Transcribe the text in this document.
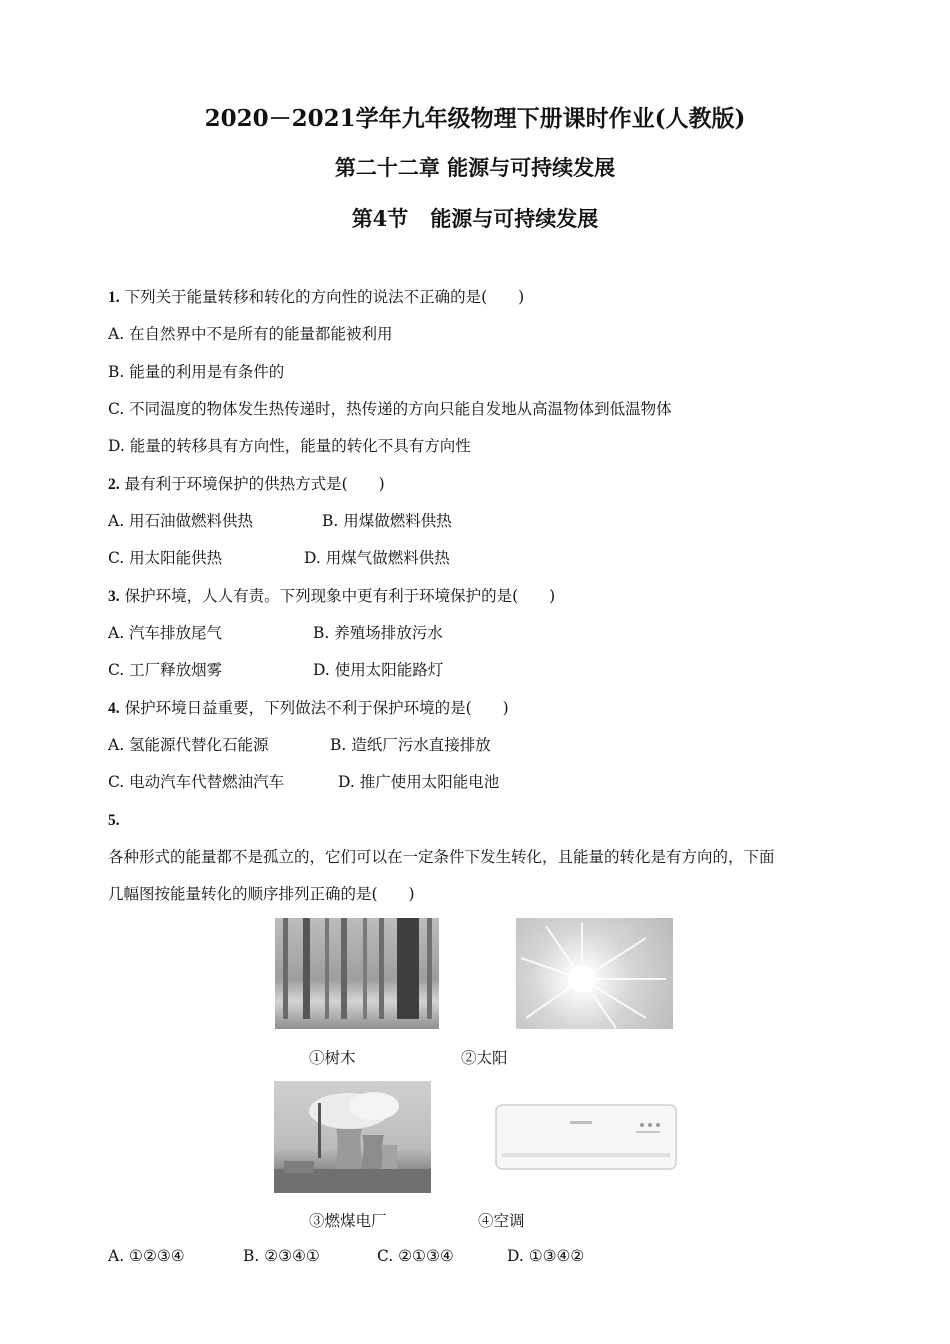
2020－2021学年九年级物理下册课时作业(人教版)
第二十二章 能源与可持续发展
第4节 能源与可持续发展
1. 下列关于能量转移和转化的方向性的说法不正确的是(　　)
A. 在自然界中不是所有的能量都能被利用
B. 能量的利用是有条件的
C. 不同温度的物体发生热传递时，热传递的方向只能自发地从高温物体到低温物体
D. 能量的转移具有方向性，能量的转化不具有方向性
2. 最有利于环境保护的供热方式是(　　)
A. 用石油做燃料供热	B. 用煤做燃料供热
C. 用太阳能供热	D. 用煤气做燃料供热
3. 保护环境，人人有责。下列现象中更有利于环境保护的是(　　)
A. 汽车排放尾气	B. 养殖场排放污水
C. 工厂释放烟雾	D. 使用太阳能路灯
4. 保护环境日益重要，下列做法不利于保护环境的是(　　)
A. 氢能源代替化石能源	B. 造纸厂污水直接排放
C. 电动汽车代替燃油汽车	D. 推广使用太阳能电池
5.
各种形式的能量都不是孤立的，它们可以在一定条件下发生转化，且能量的转化是有方向的，下面
几幅图按能量转化的顺序排列正确的是(　　)
①树木	②太阳
③燃煤电厂	④空调
A. ①②③④	B. ②③④①	C. ②①③④	D. ①③④②
